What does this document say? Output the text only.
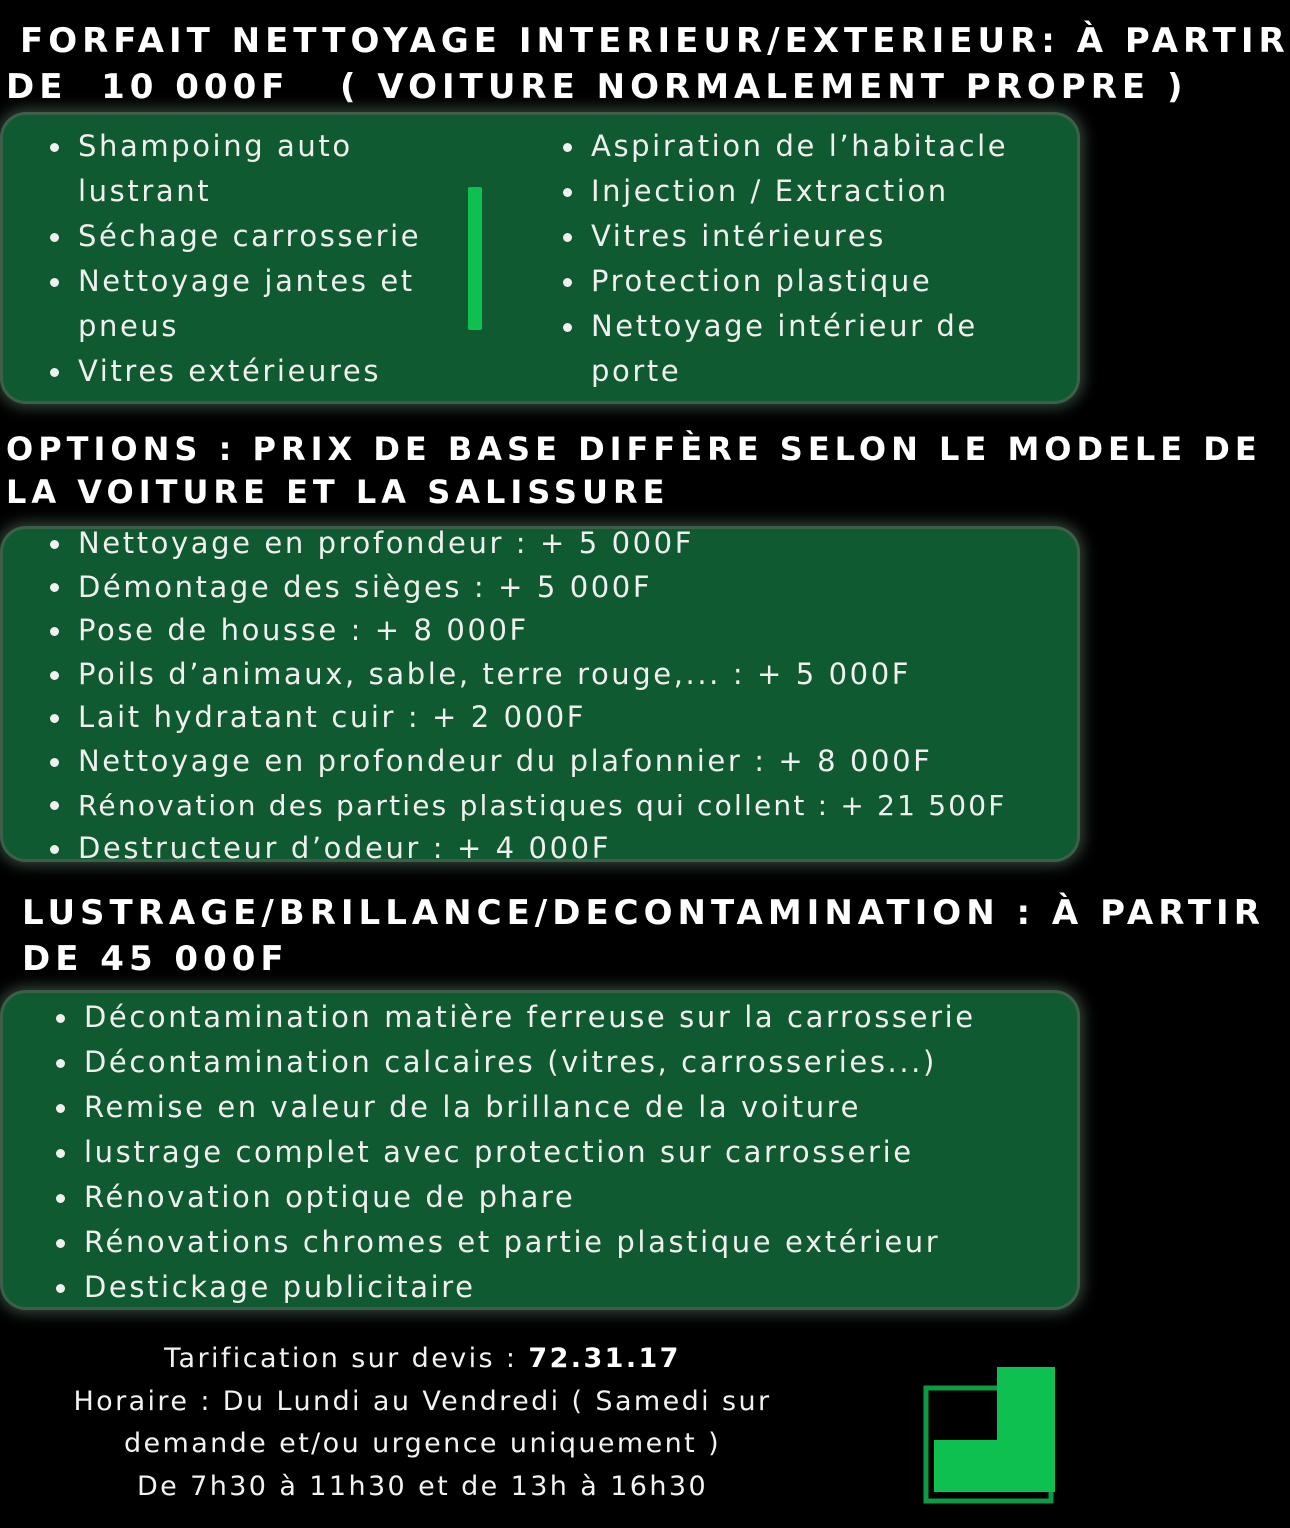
FORFAIT NETTOYAGE INTERIEUR/EXTERIEUR: À PARTIR
DE  10 000F   ( VOITURE NORMALEMENT PROPRE )
Shampoing auto
lustrant
Séchage carrosserie
Nettoyage jantes et
pneus
Vitres extérieures
Aspiration de l’habitacle
Injection / Extraction
Vitres intérieures
Protection plastique
Nettoyage intérieur de
porte
OPTIONS : PRIX DE BASE DIFFÈRE SELON LE MODELE DE
LA VOITURE ET LA SALISSURE
Nettoyage en profondeur : + 5 000F
Démontage des sièges : + 5 000F
Pose de housse : + 8 000F
Poils d’animaux, sable, terre rouge,... : + 5 000F
Lait hydratant cuir : + 2 000F
Nettoyage en profondeur du plafonnier : + 8 000F
Rénovation des parties plastiques qui collent : + 21 500F
Destructeur d’odeur : + 4 000F
LUSTRAGE/BRILLANCE/DECONTAMINATION : À PARTIR
DE 45 000F
Décontamination matière ferreuse sur la carrosserie
Décontamination calcaires (vitres, carrosseries...)
Remise en valeur de la brillance de la voiture
lustrage complet avec protection sur carrosserie
Rénovation optique de phare
Rénovations chromes et partie plastique extérieur
Destickage publicitaire
Tarification sur devis : 72.31.17
Horaire : Du Lundi au Vendredi ( Samedi sur
demande et/ou urgence uniquement )
De 7h30 à 11h30 et de 13h à 16h30
